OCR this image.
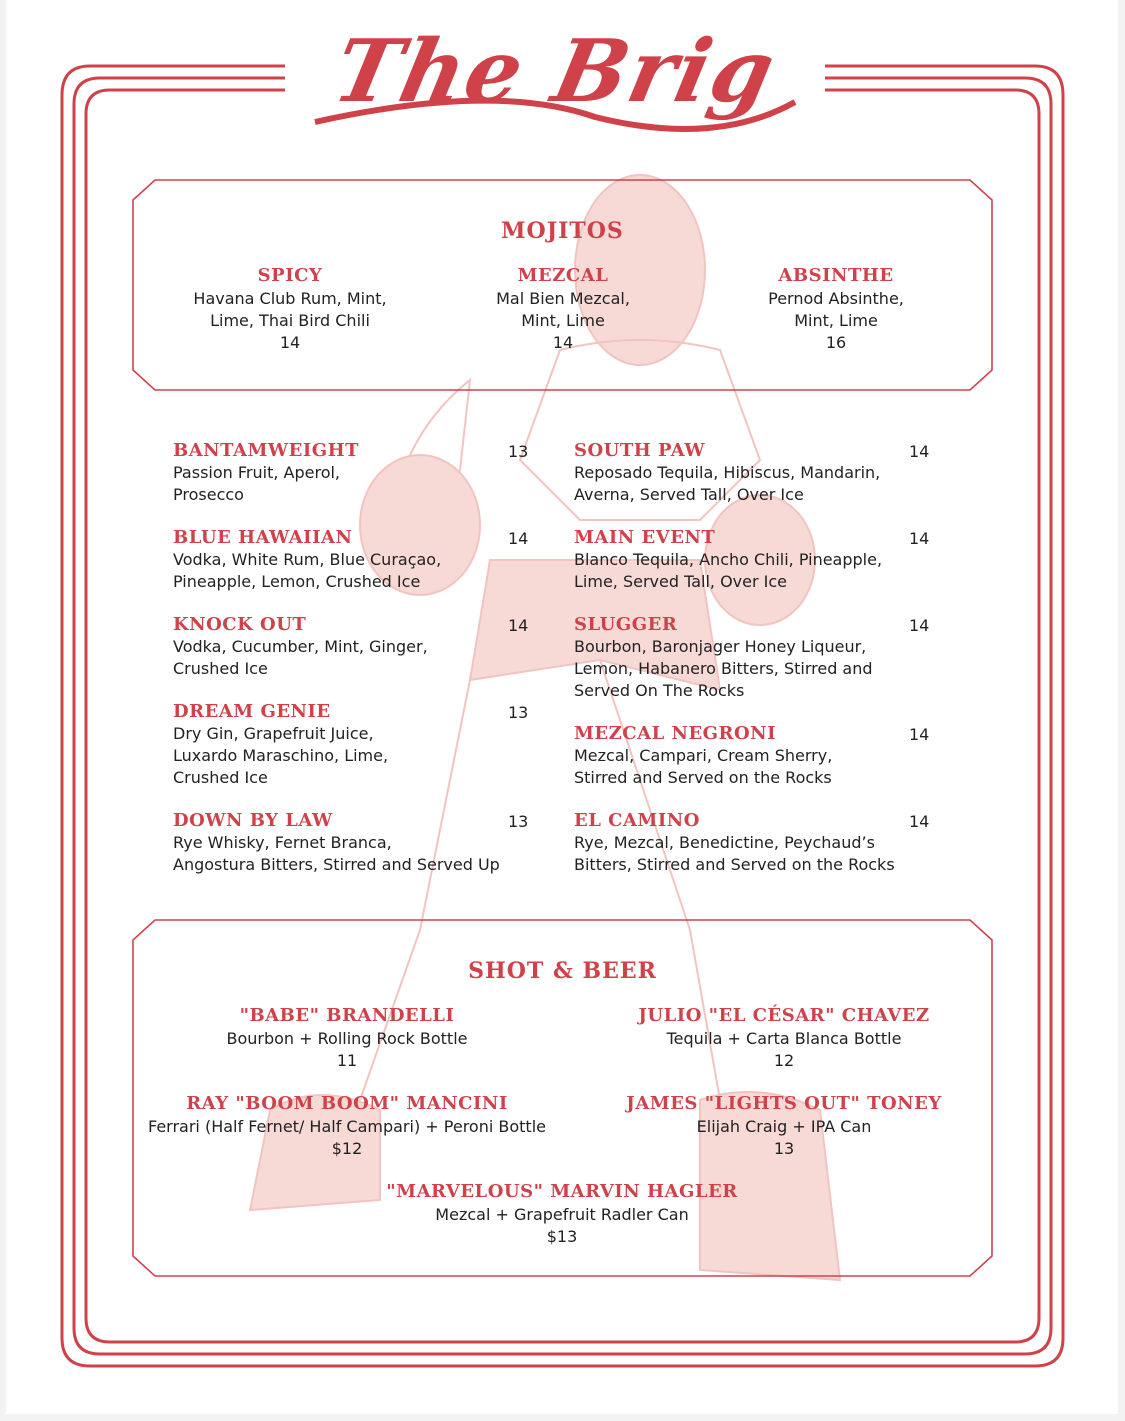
The Brig
MOJITOS
SPICY
Havana Club Rum, Mint,
Lime, Thai Bird Chili
14
MEZCAL
Mal Bien Mezcal,
Mint, Lime
14
ABSINTHE
Pernod Absinthe,
Mint, Lime
16
BANTAMWEIGHT	13
Passion Fruit, Aperol,
Prosecco
BLUE HAWAIIAN	14
Vodka, White Rum, Blue Curaçao,
Pineapple, Lemon, Crushed Ice
KNOCK OUT	14
Vodka, Cucumber, Mint, Ginger,
Crushed Ice
DREAM GENIE	13
Dry Gin, Grapefruit Juice,
Luxardo Maraschino, Lime,
Crushed Ice
DOWN BY LAW	13
Rye Whisky, Fernet Branca,
Angostura Bitters, Stirred and Served Up
SOUTH PAW	14
Reposado Tequila, Hibiscus, Mandarin,
Averna, Served Tall, Over Ice
MAIN EVENT	14
Blanco Tequila, Ancho Chili, Pineapple,
Lime, Served Tall, Over Ice
SLUGGER	14
Bourbon, Baronjager Honey Liqueur,
Lemon, Habanero Bitters, Stirred and
Served On The Rocks
MEZCAL NEGRONI	14
Mezcal, Campari, Cream Sherry,
Stirred and Served on the Rocks
EL CAMINO	14
Rye, Mezcal, Benedictine, Peychaud’s
Bitters, Stirred and Served on the Rocks
SHOT & BEER
"BABE" BRANDELLI
Bourbon + Rolling Rock Bottle
11
JULIO "EL CÉSAR" CHAVEZ
Tequila + Carta Blanca Bottle
12
RAY "BOOM BOOM" MANCINI
Ferrari (Half Fernet/ Half Campari) + Peroni Bottle
$12
JAMES "LIGHTS OUT" TONEY
Elijah Craig + IPA Can
13
"MARVELOUS" MARVIN HAGLER
Mezcal + Grapefruit Radler Can
$13
